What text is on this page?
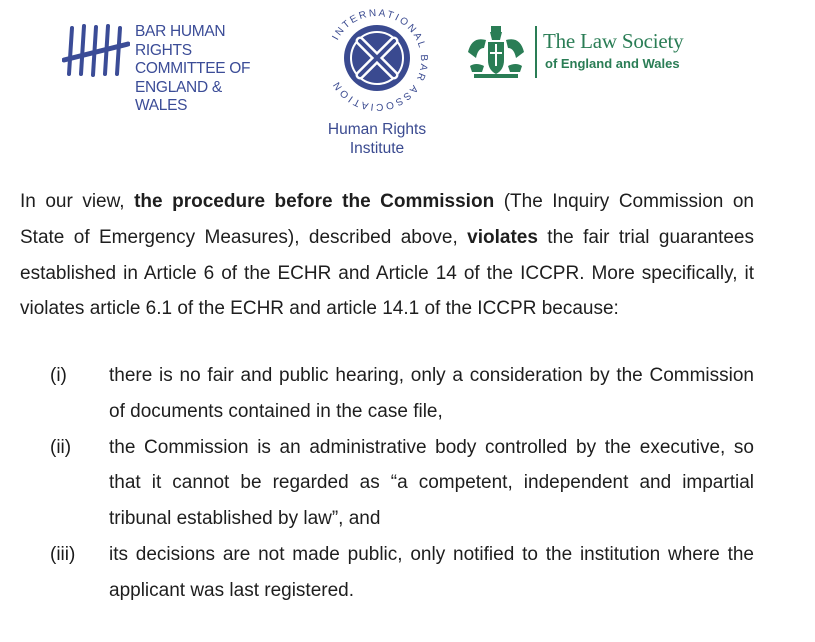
BAR HUMAN RIGHTS
COMMITTEE OF
ENGLAND & WALES
INTERNATIONAL BAR ASSOCIATION
Human Rights
Institute
The Law Society
of England and Wales
In our view, the procedure before the Commission (The Inquiry Commission on State of Emergency Measures), described above, violates the fair trial guarantees established in Article 6 of the ECHR and Article 14 of the ICCPR. More specifically, it violates article 6.1 of the ECHR and article 14.1 of the ICCPR because:
(i) there is no fair and public hearing, only a consideration by the Commission of documents contained in the case file,
(ii) the Commission is an administrative body controlled by the executive, so that it cannot be regarded as “a competent, independent and impartial tribunal established by law”, and
(iii) its decisions are not made public, only notified to the institution where the applicant was last registered.
